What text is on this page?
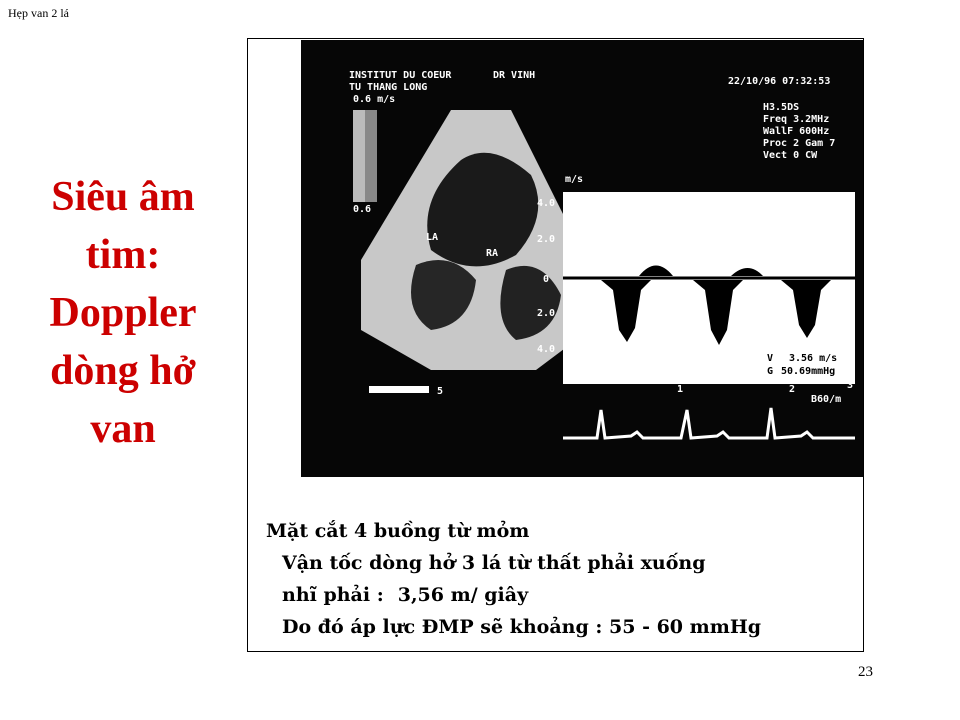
Hẹp van 2 lá
Siêu âm
tim:
Doppler
dòng hở
van
INSTITUT DU COEUR
TU THANG LONG
DR VINH
22/10/96 07:32:53
0.6 m/s
0.6
H3.5DS
Freq 3.2MHz
WallF 600Hz
Proc 2 Gam 7
Vect 0 CW
LA
RA
m/s
4.0
2.0
0
2.0
4.0
5
V 3.56 m/s
G 50.69mmHg
1	2	3
B60/m
Mặt cắt 4 buồng từ mỏm
Vận tốc dòng hở 3 lá từ thất phải xuống
nhĩ phải : 3,56 m/ giây
Do đó áp lực ĐMP sẽ khoảng : 55 - 60 mmHg
23
